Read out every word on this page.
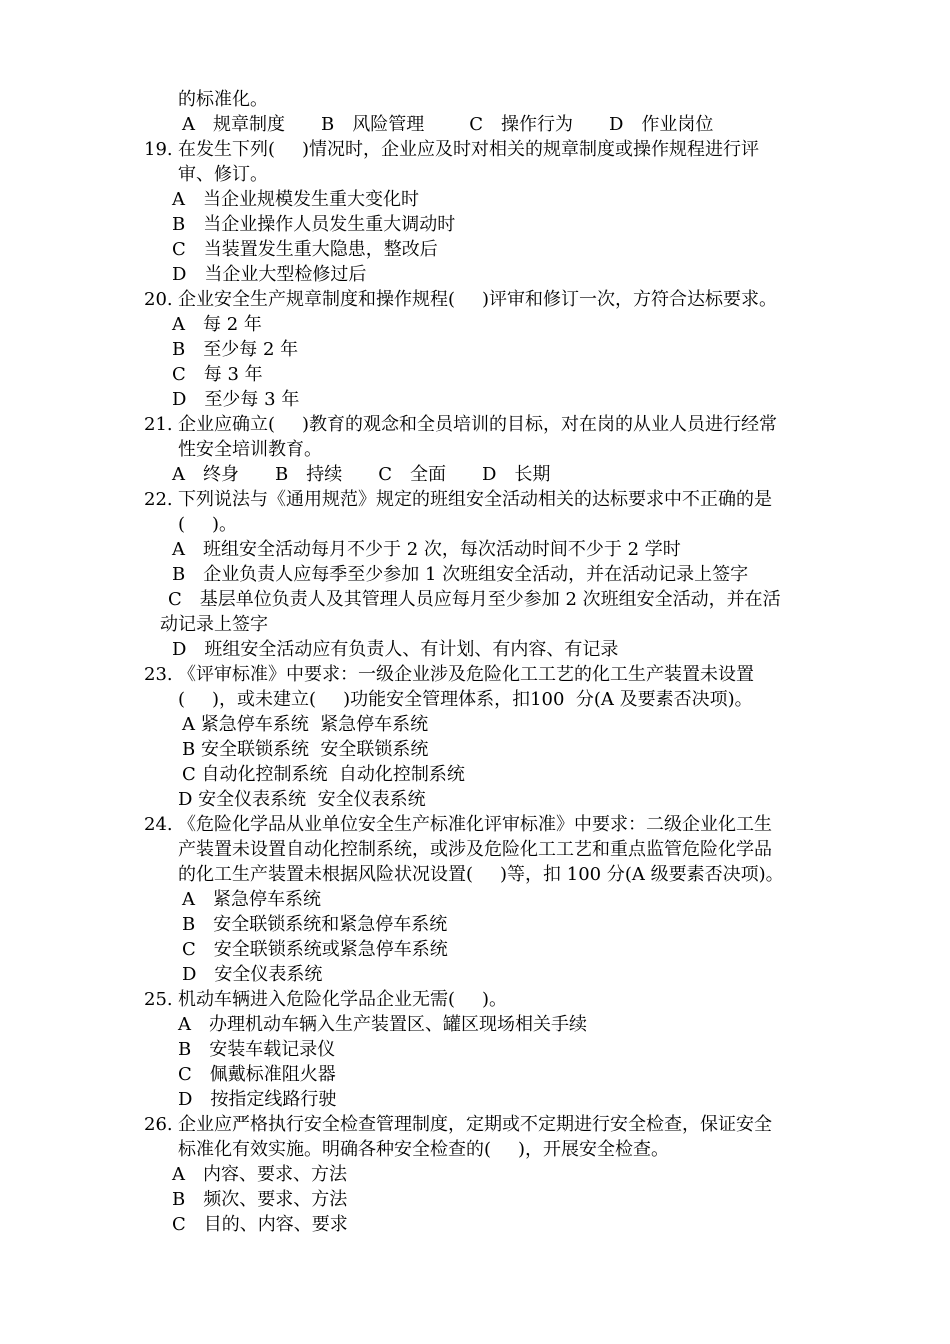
的标准化。
A 规章制度  B 风险管理   C 操作行为  D 作业岗位
19. 在发生下列(  )情况时，企业应及时对相关的规章制度或操作规程进行评
审、修订。
A 当企业规模发生重大变化时
B 当企业操作人员发生重大调动时
C 当装置发生重大隐患，整改后
D 当企业大型检修过后
20. 企业安全生产规章制度和操作规程(  )评审和修订一次，方符合达标要求。
A 每 2 年
B 至少每 2 年
C 每 3 年
D 至少每 3 年
21. 企业应确立(  )教育的观念和全员培训的目标，对在岗的从业人员进行经常
性安全培训教育。
A 终身  B 持续  C 全面  D 长期
22. 下列说法与《通用规范》规定的班组安全活动相关的达标要求中不正确的是
(  )。
A 班组安全活动每月不少于 2 次，每次活动时间不少于 2 学时
B 企业负责人应每季至少参加 1 次班组安全活动，并在活动记录上签字
C 基层单位负责人及其管理人员应每月至少参加 2 次班组安全活动，并在活
动记录上签字
D 班组安全活动应有负责人、有计划、有内容、有记录
23. 《评审标准》中要求：一级企业涉及危险化工工艺的化工生产装置未设置
(  )，或未建立(  )功能安全管理体系，扣100  分(A 及要素否决项)。
A 紧急停车系统  紧急停车系统
B 安全联锁系统  安全联锁系统
C 自动化控制系统  自动化控制系统
D 安全仪表系统  安全仪表系统
24. 《危险化学品从业单位安全生产标准化评审标准》中要求：二级企业化工生
产装置未设置自动化控制系统，或涉及危险化工工艺和重点监管危险化学品
的化工生产装置未根据风险状况设置(  )等，扣 100 分(A 级要素否决项)。
A 紧急停车系统
B 安全联锁系统和紧急停车系统
C 安全联锁系统或紧急停车系统
D 安全仪表系统
25. 机动车辆进入危险化学品企业无需(  )。
A 办理机动车辆入生产装置区、罐区现场相关手续
B 安装车载记录仪
C 佩戴标准阻火器
D 按指定线路行驶
26. 企业应严格执行安全检查管理制度，定期或不定期进行安全检查，保证安全
标准化有效实施。明确各种安全检查的(  )，开展安全检查。
A 内容、要求、方法
B 频次、要求、方法
C 目的、内容、要求
